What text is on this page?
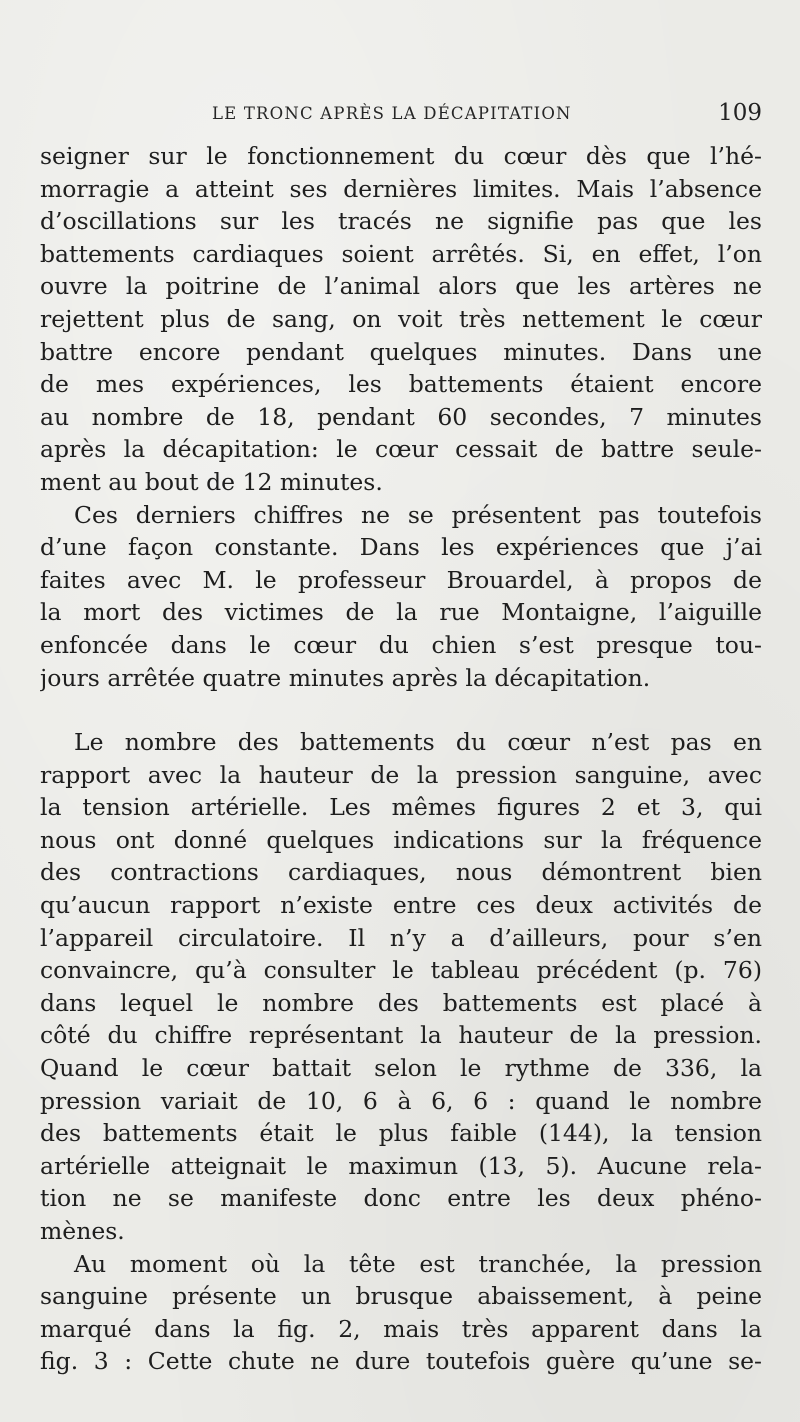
LE TRONC APRÈS LA DÉCAPITATION	109
seigner sur le fonctionnement du cœur dès que l’hé-
morragie a atteint ses dernières limites. Mais l’absence
d’oscillations sur les tracés ne signifie pas que les
battements cardiaques soient arrêtés. Si, en effet, l’on
ouvre la poitrine de l’animal alors que les artères ne
rejettent plus de sang, on voit très nettement le cœur
battre encore pendant quelques minutes. Dans une
de mes expériences, les battements étaient encore
au nombre de 18, pendant 60 secondes, 7 minutes
après la décapitation: le cœur cessait de battre seule-
ment au bout de 12 minutes.
Ces derniers chiffres ne se présentent pas toutefois
d’une façon constante. Dans les expériences que j’ai
faites avec M. le professeur Brouardel, à propos de
la mort des victimes de la rue Montaigne, l’aiguille
enfoncée dans le cœur du chien s’est presque tou-
jours arrêtée quatre minutes après la décapitation.
Le nombre des battements du cœur n’est pas en
rapport avec la hauteur de la pression sanguine, avec
la tension artérielle. Les mêmes figures 2 et 3, qui
nous ont donné quelques indications sur la fréquence
des contractions cardiaques, nous démontrent bien
qu’aucun rapport n’existe entre ces deux activités de
l’appareil circulatoire. Il n’y a d’ailleurs, pour s’en
convaincre, qu’à consulter le tableau précédent (p. 76)
dans lequel le nombre des battements est placé à
côté du chiffre représentant la hauteur de la pression.
Quand le cœur battait selon le rythme de 336, la
pression variait de 10, 6 à 6, 6 : quand le nombre
des battements était le plus faible (144), la tension
artérielle atteignait le maximun (13, 5). Aucune rela-
tion ne se manifeste donc entre les deux phéno-
mènes.
Au moment où la tête est tranchée, la pression
sanguine présente un brusque abaissement, à peine
marqué dans la fig. 2, mais très apparent dans la
fig. 3 : Cette chute ne dure toutefois guère qu’une se-
